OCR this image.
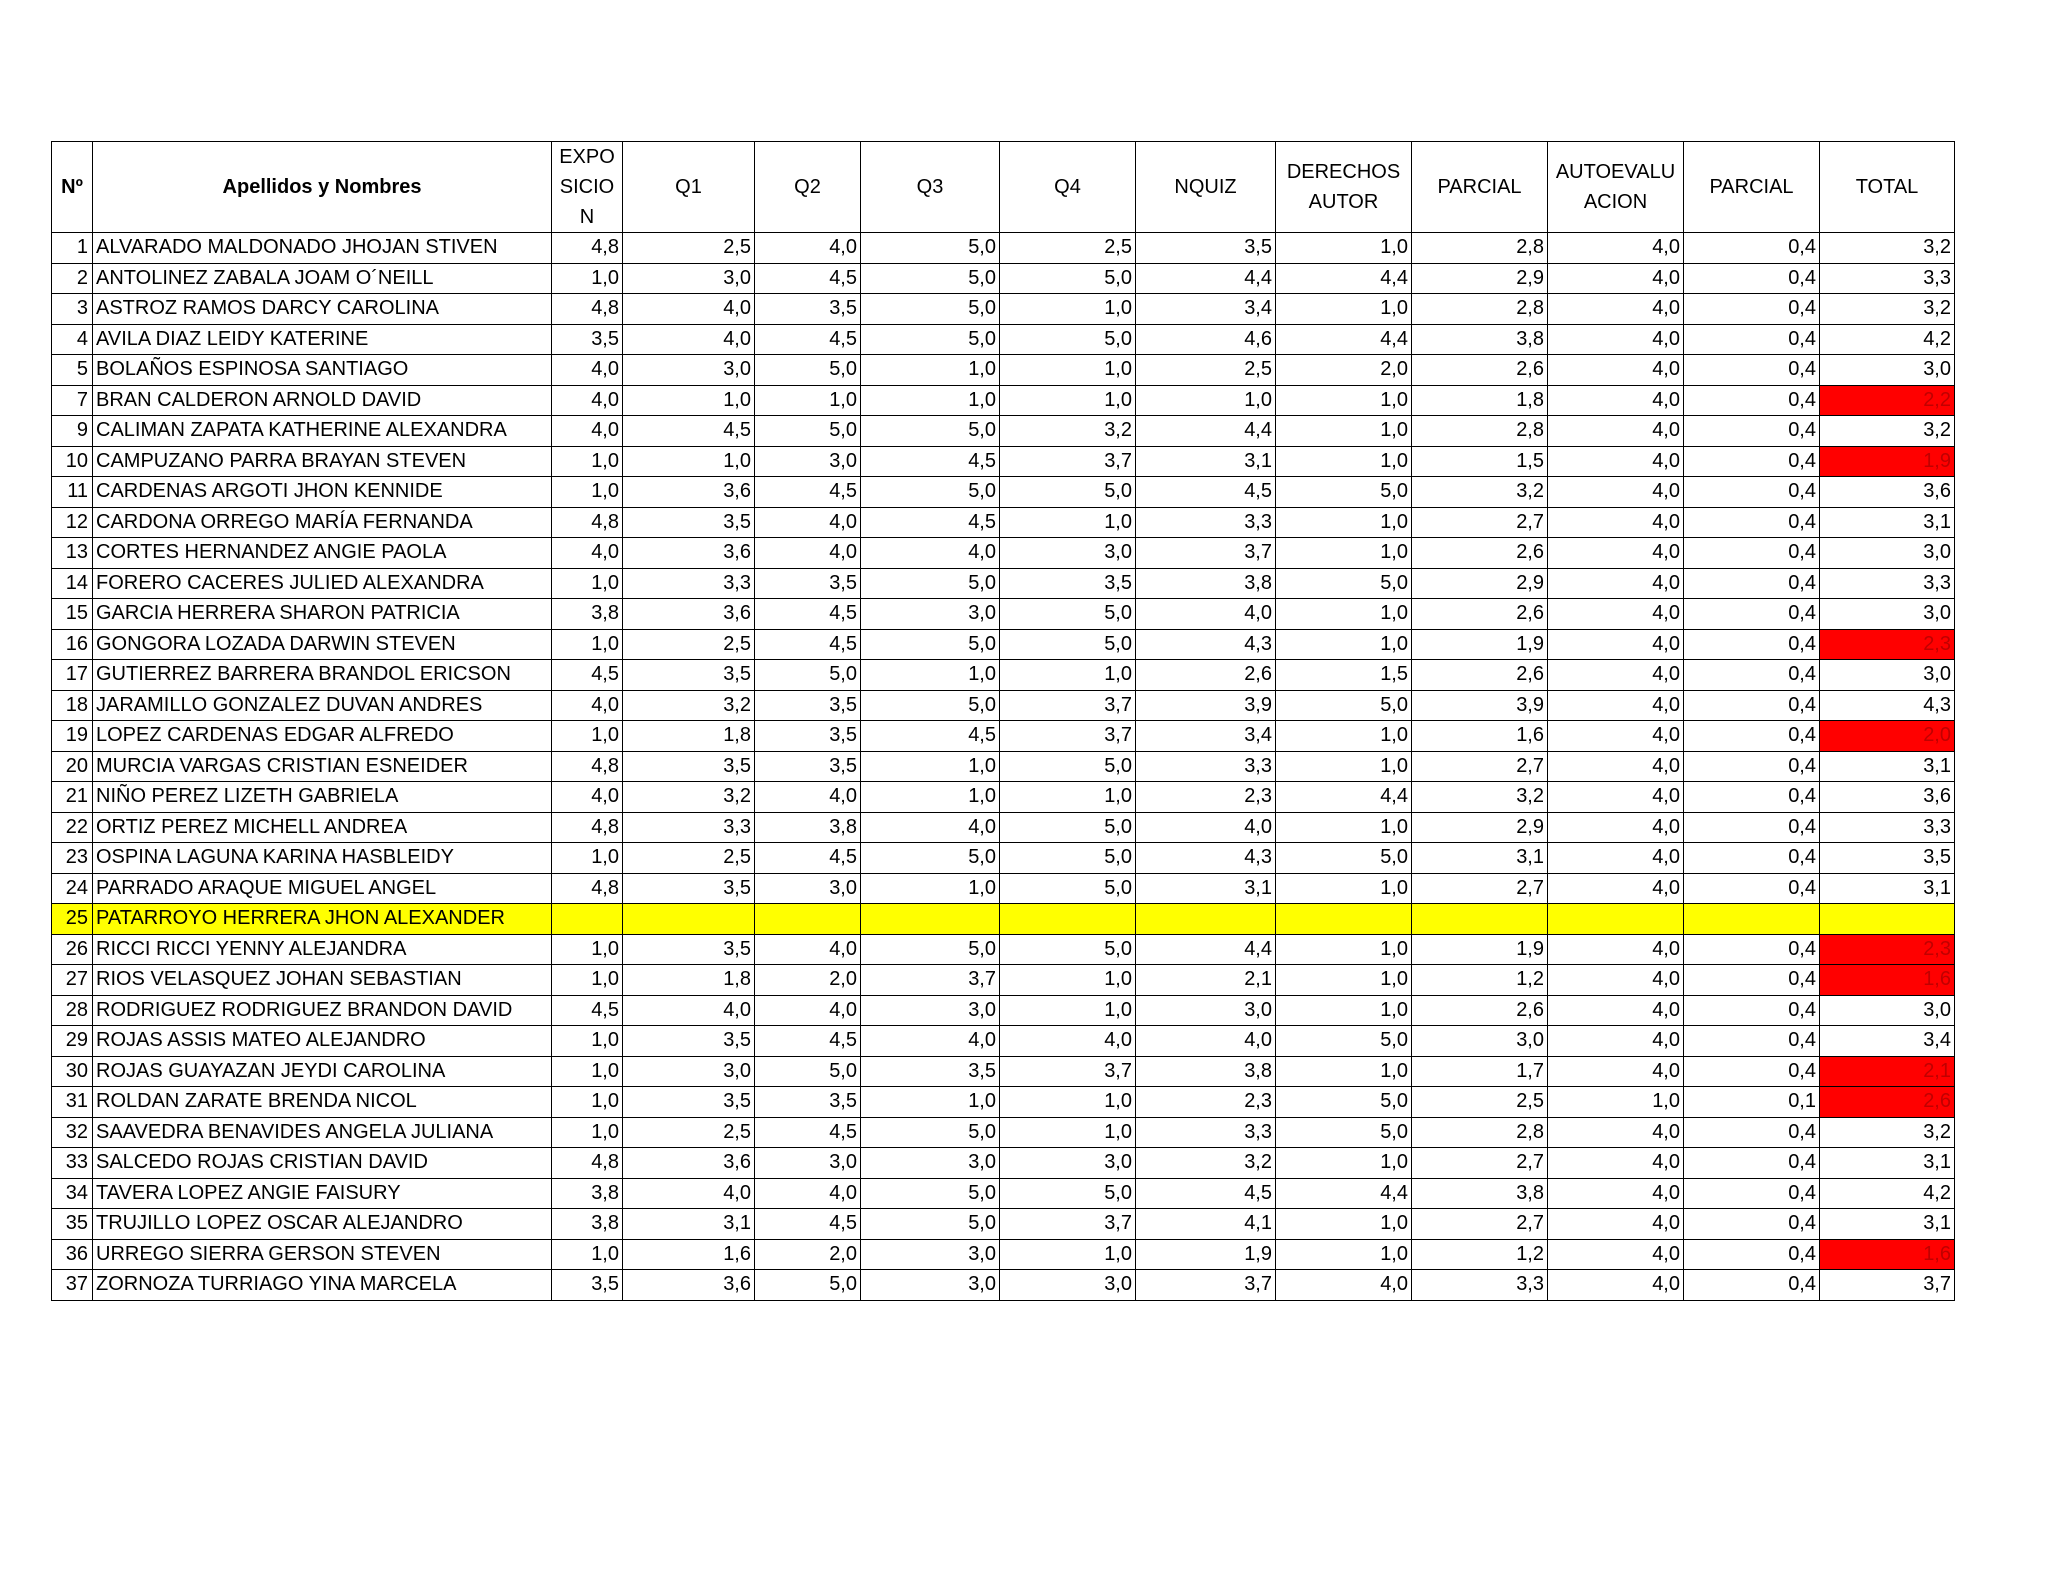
Nº	Apellidos y Nombres	EXPO SICIO N	Q1	Q2	Q3	Q4	NQUIZ	DERECHOS AUTOR	PARCIAL	AUTOEVALU ACION	PARCIAL	TOTAL
1	ALVARADO MALDONADO JHOJAN STIVEN	4,8	2,5	4,0	5,0	2,5	3,5	1,0	2,8	4,0	0,4	3,2
2	ANTOLINEZ ZABALA JOAM O´NEILL	1,0	3,0	4,5	5,0	5,0	4,4	4,4	2,9	4,0	0,4	3,3
3	ASTROZ RAMOS DARCY CAROLINA	4,8	4,0	3,5	5,0	1,0	3,4	1,0	2,8	4,0	0,4	3,2
4	AVILA DIAZ LEIDY KATERINE	3,5	4,0	4,5	5,0	5,0	4,6	4,4	3,8	4,0	0,4	4,2
5	BOLAÑOS ESPINOSA SANTIAGO	4,0	3,0	5,0	1,0	1,0	2,5	2,0	2,6	4,0	0,4	3,0
7	BRAN CALDERON ARNOLD DAVID	4,0	1,0	1,0	1,0	1,0	1,0	1,0	1,8	4,0	0,4	2,2
9	CALIMAN ZAPATA KATHERINE ALEXANDRA	4,0	4,5	5,0	5,0	3,2	4,4	1,0	2,8	4,0	0,4	3,2
10	CAMPUZANO PARRA BRAYAN STEVEN	1,0	1,0	3,0	4,5	3,7	3,1	1,0	1,5	4,0	0,4	1,9
11	CARDENAS ARGOTI JHON KENNIDE	1,0	3,6	4,5	5,0	5,0	4,5	5,0	3,2	4,0	0,4	3,6
12	CARDONA ORREGO MARÍA FERNANDA	4,8	3,5	4,0	4,5	1,0	3,3	1,0	2,7	4,0	0,4	3,1
13	CORTES HERNANDEZ ANGIE PAOLA	4,0	3,6	4,0	4,0	3,0	3,7	1,0	2,6	4,0	0,4	3,0
14	FORERO CACERES JULIED ALEXANDRA	1,0	3,3	3,5	5,0	3,5	3,8	5,0	2,9	4,0	0,4	3,3
15	GARCIA HERRERA SHARON PATRICIA	3,8	3,6	4,5	3,0	5,0	4,0	1,0	2,6	4,0	0,4	3,0
16	GONGORA LOZADA DARWIN STEVEN	1,0	2,5	4,5	5,0	5,0	4,3	1,0	1,9	4,0	0,4	2,3
17	GUTIERREZ BARRERA BRANDOL ERICSON	4,5	3,5	5,0	1,0	1,0	2,6	1,5	2,6	4,0	0,4	3,0
18	JARAMILLO GONZALEZ DUVAN ANDRES	4,0	3,2	3,5	5,0	3,7	3,9	5,0	3,9	4,0	0,4	4,3
19	LOPEZ CARDENAS EDGAR ALFREDO	1,0	1,8	3,5	4,5	3,7	3,4	1,0	1,6	4,0	0,4	2,0
20	MURCIA VARGAS CRISTIAN ESNEIDER	4,8	3,5	3,5	1,0	5,0	3,3	1,0	2,7	4,0	0,4	3,1
21	NIÑO PEREZ LIZETH GABRIELA	4,0	3,2	4,0	1,0	1,0	2,3	4,4	3,2	4,0	0,4	3,6
22	ORTIZ PEREZ MICHELL ANDREA	4,8	3,3	3,8	4,0	5,0	4,0	1,0	2,9	4,0	0,4	3,3
23	OSPINA LAGUNA KARINA HASBLEIDY	1,0	2,5	4,5	5,0	5,0	4,3	5,0	3,1	4,0	0,4	3,5
24	PARRADO ARAQUE MIGUEL ANGEL	4,8	3,5	3,0	1,0	5,0	3,1	1,0	2,7	4,0	0,4	3,1
25	PATARROYO HERRERA JHON ALEXANDER											
26	RICCI RICCI YENNY ALEJANDRA	1,0	3,5	4,0	5,0	5,0	4,4	1,0	1,9	4,0	0,4	2,3
27	RIOS VELASQUEZ JOHAN SEBASTIAN	1,0	1,8	2,0	3,7	1,0	2,1	1,0	1,2	4,0	0,4	1,6
28	RODRIGUEZ RODRIGUEZ BRANDON DAVID	4,5	4,0	4,0	3,0	1,0	3,0	1,0	2,6	4,0	0,4	3,0
29	ROJAS ASSIS MATEO ALEJANDRO	1,0	3,5	4,5	4,0	4,0	4,0	5,0	3,0	4,0	0,4	3,4
30	ROJAS GUAYAZAN JEYDI CAROLINA	1,0	3,0	5,0	3,5	3,7	3,8	1,0	1,7	4,0	0,4	2,1
31	ROLDAN ZARATE BRENDA NICOL	1,0	3,5	3,5	1,0	1,0	2,3	5,0	2,5	1,0	0,1	2,6
32	SAAVEDRA BENAVIDES ANGELA JULIANA	1,0	2,5	4,5	5,0	1,0	3,3	5,0	2,8	4,0	0,4	3,2
33	SALCEDO ROJAS CRISTIAN DAVID	4,8	3,6	3,0	3,0	3,0	3,2	1,0	2,7	4,0	0,4	3,1
34	TAVERA LOPEZ ANGIE FAISURY	3,8	4,0	4,0	5,0	5,0	4,5	4,4	3,8	4,0	0,4	4,2
35	TRUJILLO LOPEZ OSCAR ALEJANDRO	3,8	3,1	4,5	5,0	3,7	4,1	1,0	2,7	4,0	0,4	3,1
36	URREGO SIERRA GERSON STEVEN	1,0	1,6	2,0	3,0	1,0	1,9	1,0	1,2	4,0	0,4	1,6
37	ZORNOZA TURRIAGO YINA MARCELA	3,5	3,6	5,0	3,0	3,0	3,7	4,0	3,3	4,0	0,4	3,7
